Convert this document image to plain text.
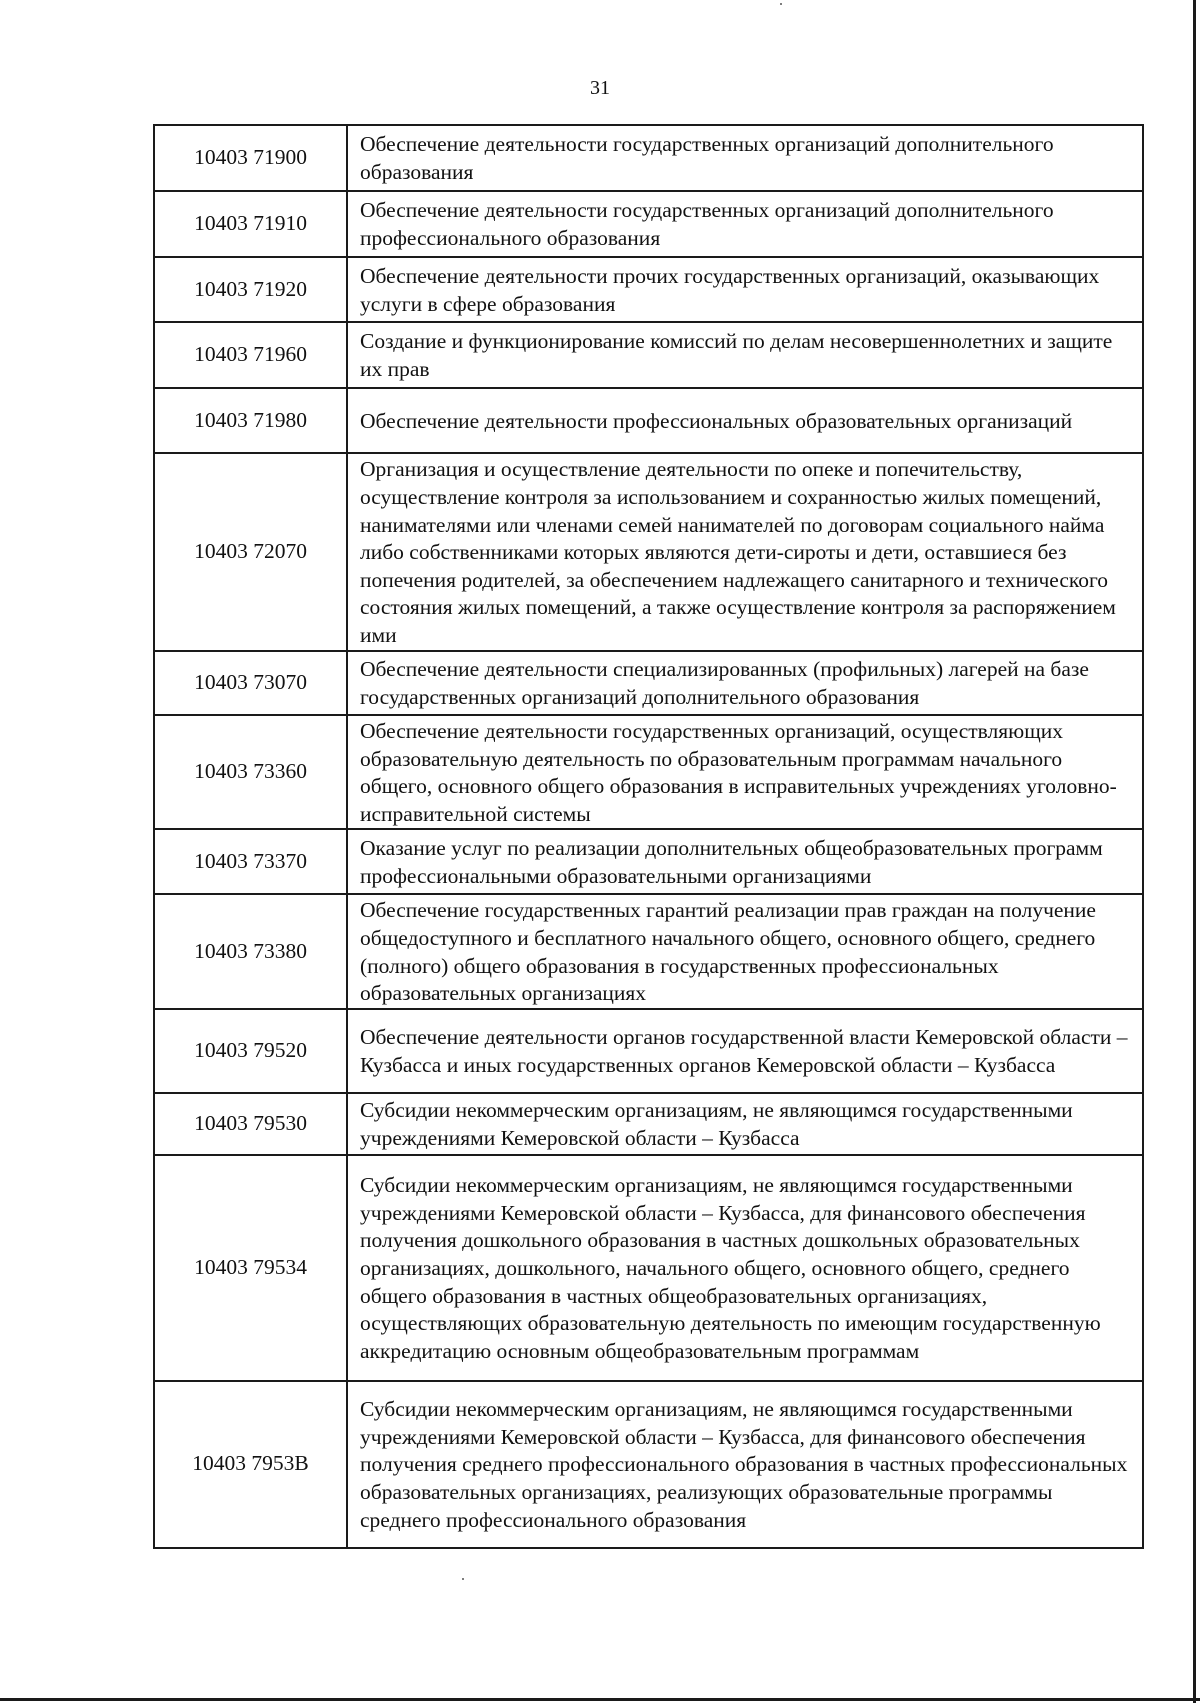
31
10403 71900	Обеспечение деятельности государственных организаций дополнительного образования
10403 71910	Обеспечение деятельности государственных организаций дополнительного профессионального образования
10403 71920	Обеспечение деятельности прочих государственных организаций, оказывающих услуги в сфере образования
10403 71960	Создание и функционирование комиссий по делам несовершеннолетних и защите их прав
10403 71980	Обеспечение деятельности профессиональных образовательных организаций
10403 72070	Организация и осуществление деятельности по опеке и попечительству, осуществление контроля за использованием и сохранностью жилых помещений, нанимателями или членами семей нанимателей по договорам социального найма либо собственниками которых являются дети-сироты и дети, оставшиеся без попечения родителей, за обеспечением надлежащего санитарного и технического состояния жилых помещений, а также осуществление контроля за распоряжением ими
10403 73070	Обеспечение деятельности специализированных (профильных) лагерей на базе государственных организаций дополнительного образования
10403 73360	Обеспечение деятельности государственных организаций, осуществляющих образовательную деятельность по образовательным программам начального общего, основного общего образования в исправительных учреждениях уголовно-исправительной системы
10403 73370	Оказание услуг по реализации дополнительных общеобразовательных программ профессиональными образовательными организациями
10403 73380	Обеспечение государственных гарантий реализации прав граждан на получение общедоступного и бесплатного начального общего, основного общего, среднего (полного) общего образования в государственных профессиональных образовательных организациях
10403 79520	Обеспечение деятельности органов государственной власти Кемеровской области – Кузбасса и иных государственных органов Кемеровской области – Кузбасса
10403 79530	Субсидии некоммерческим организациям, не являющимся государственными учреждениями Кемеровской области – Кузбасса
10403 79534	Субсидии некоммерческим организациям, не являющимся государственными учреждениями Кемеровской области – Кузбасса, для финансового обеспечения получения дошкольного образования в частных дошкольных образовательных организациях, дошкольного, начального общего, основного общего, среднего общего образования в частных общеобразовательных организациях, осуществляющих образовательную деятельность по имеющим государственную аккредитацию основным общеобразовательным программам
10403 7953B	Субсидии некоммерческим организациям, не являющимся государственными учреждениями Кемеровской области – Кузбасса, для финансового обеспечения получения среднего профессионального образования в частных профессиональных образовательных организациях, реализующих образовательные программы среднего профессионального образования
